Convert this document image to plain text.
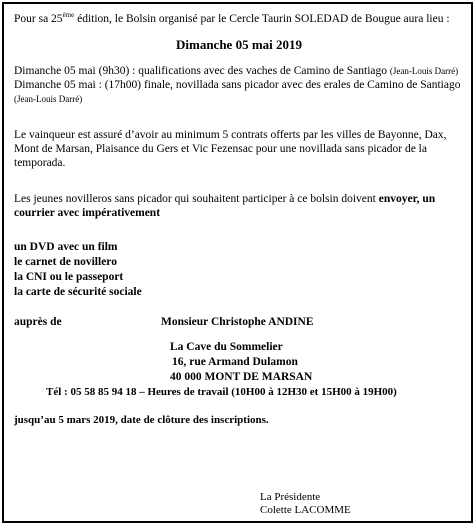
Pour sa 25ème édition, le Bolsin organisé par le Cercle Taurin SOLEDAD de Bougue aura lieu :
Dimanche 05 mai 2019
Dimanche 05 mai (9h30) : qualifications avec des vaches de Camino de Santiago (Jean-Louis Darré)
Dimanche 05 mai : (17h00) finale, novillada sans picador avec des erales de Camino de Santiago (Jean-Louis Darré)
Le vainqueur est assuré d’avoir au minimum 5 contrats offerts par les villes de Bayonne, Dax, Mont de Marsan, Plaisance du Gers et Vic Fezensac pour une novillada sans picador de la temporada.
Les jeunes novilleros sans picador qui souhaitent participer à ce bolsin doivent envoyer, un courrier avec impérativement
un DVD avec un film
le carnet de novillero
la CNI ou le passeport
la carte de sécurité sociale
auprès de	Monsieur Christophe ANDINE
La Cave du Sommelier
16, rue Armand Dulamon
40 000 MONT DE MARSAN
Tél : 05 58 85 94 18 – Heures de travail (10H00 à 12H30 et 15H00 à 19H00)
jusqu’au 5 mars 2019, date de clôture des inscriptions.
La Présidente
Colette LACOMME
